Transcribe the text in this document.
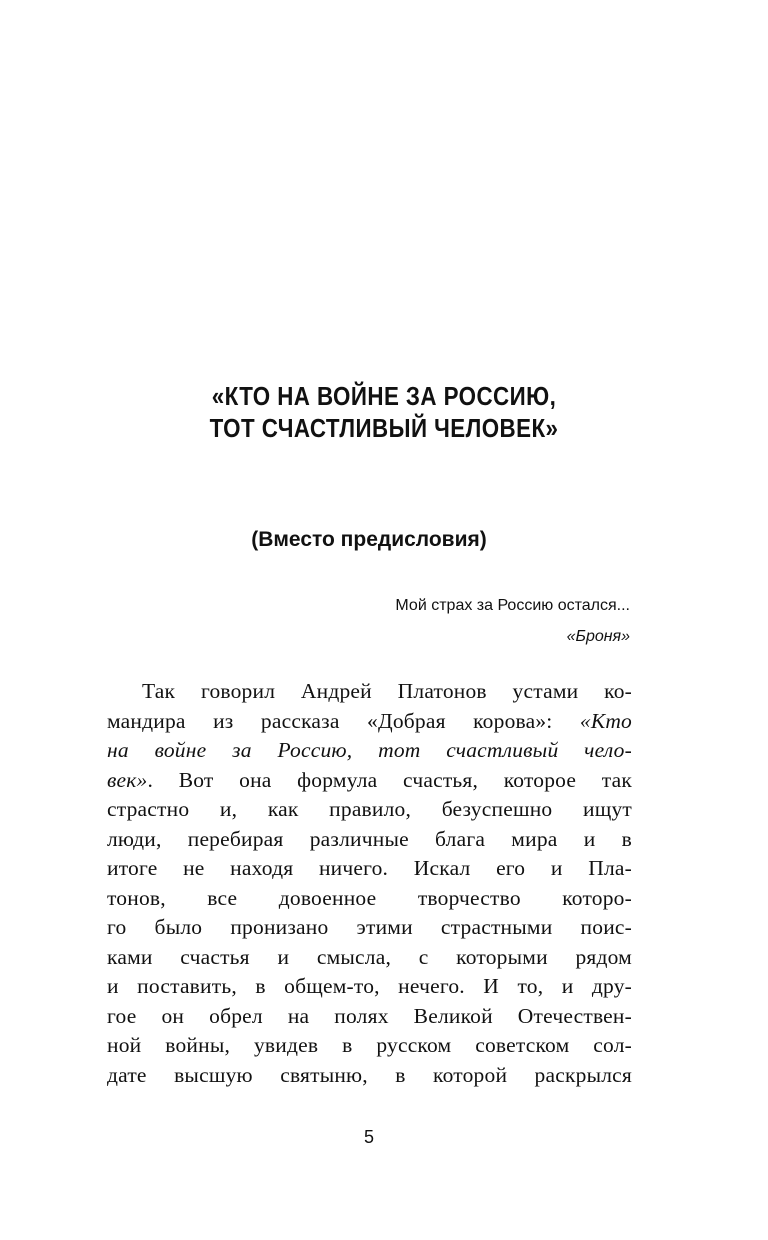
«КТО НА ВОЙНЕ ЗА РОССИЮ,
ТОТ СЧАСТЛИВЫЙ ЧЕЛОВЕК»
(Вместо предисловия)
Мой страх за Россию остался...
«Броня»

Так говорил Андрей Платонов устами ко-
мандира из рассказа «Добрая корова»: «Кто
на войне за Россию, тот счастливый чело-
век». Вот она формула счастья, которое так
страстно и, как правило, безуспешно ищут
люди, перебирая различные блага мира и в
итоге не находя ничего. Искал его и Пла-
тонов, все довоенное творчество которо-
го было пронизано этими страстными поис-
ками счастья и смысла, с которыми рядом
и поставить, в общем-то, нечего. И то, и дру-
гое он обрел на полях Великой Отечествен-
ной войны, увидев в русском советском сол-
дате высшую святыню, в которой раскрылся

5
